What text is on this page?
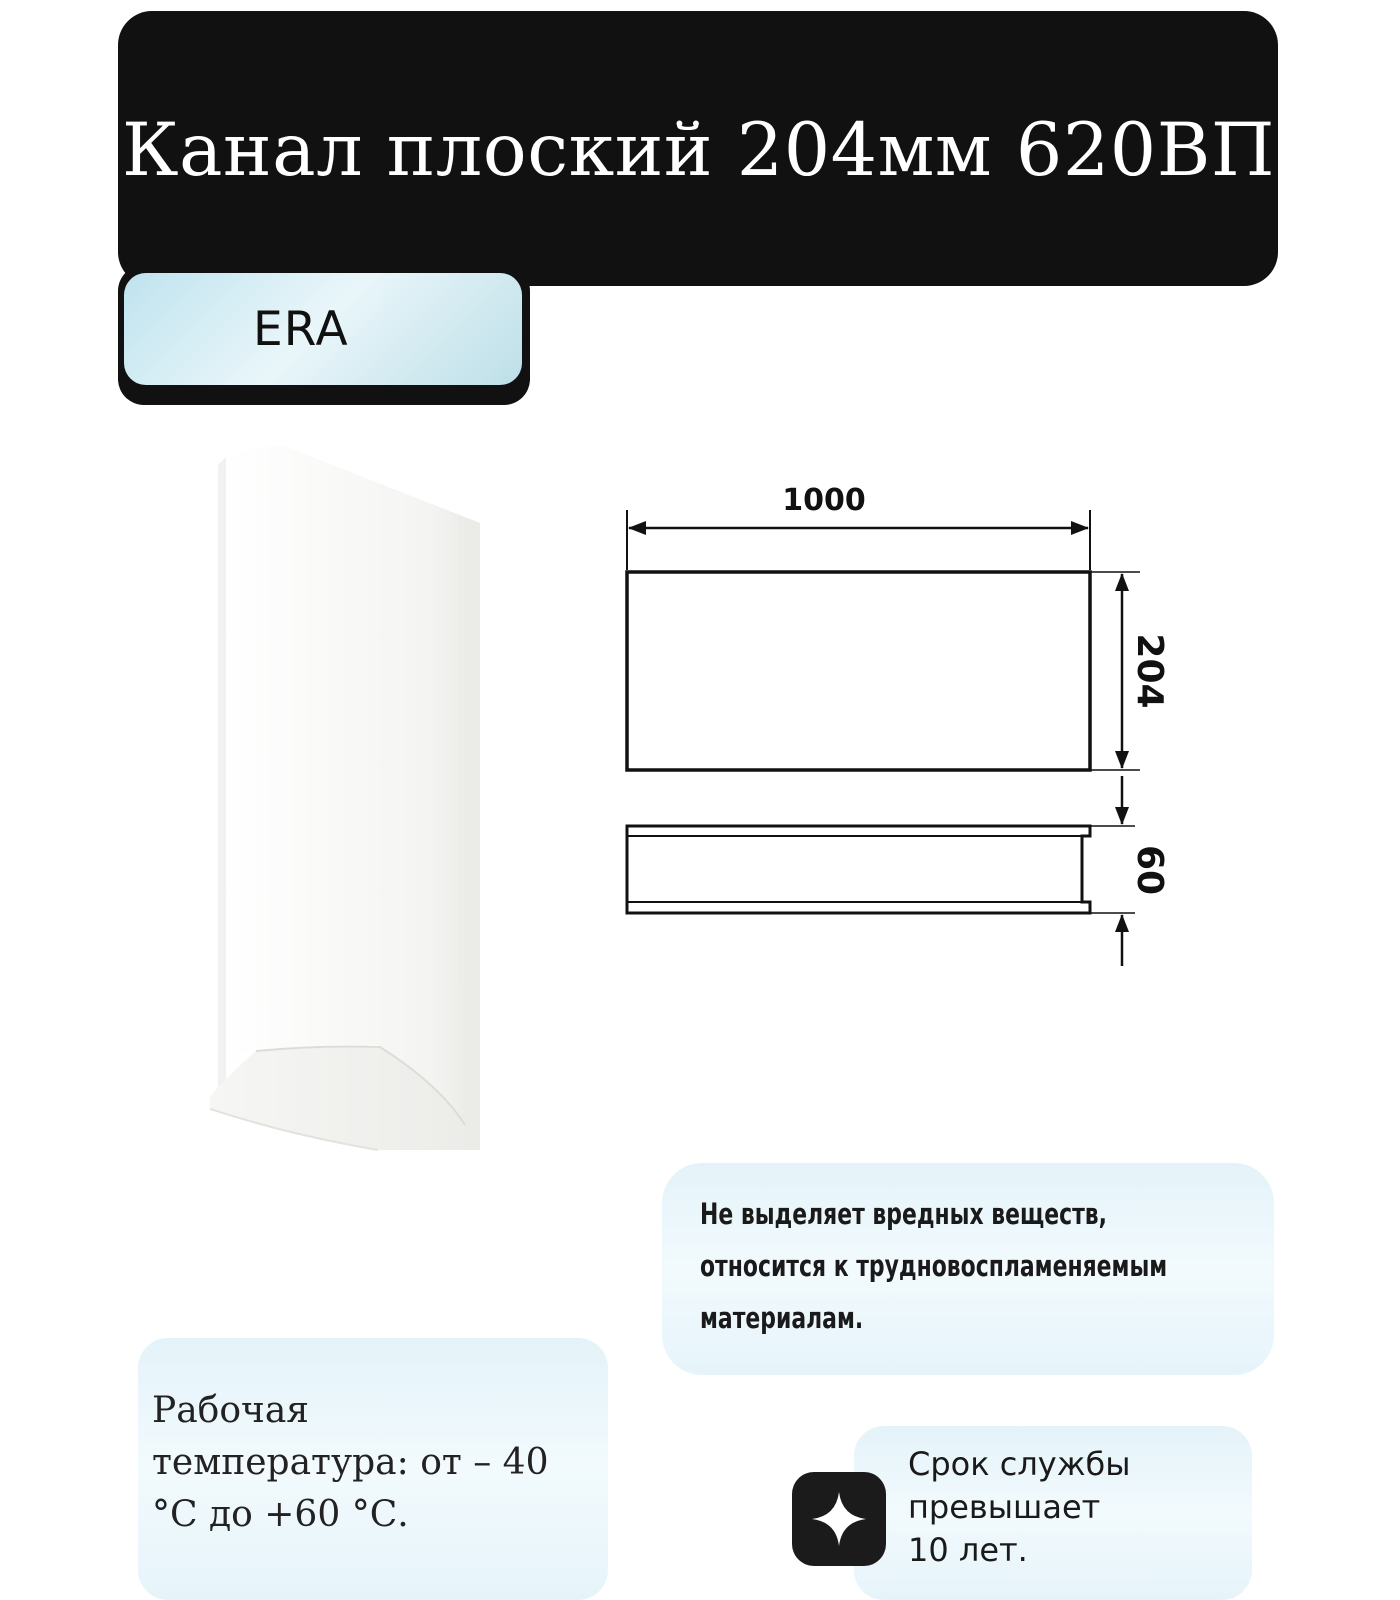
Канал плоский 204мм 620ВП
ERA
1000
204
60
Не выделяет вредных веществ,
относится к трудновоспламеняемым
материалам.
Рабочая
температура: от – 40
°С до +60 °С.
Срок службы
превышает
10 лет.
